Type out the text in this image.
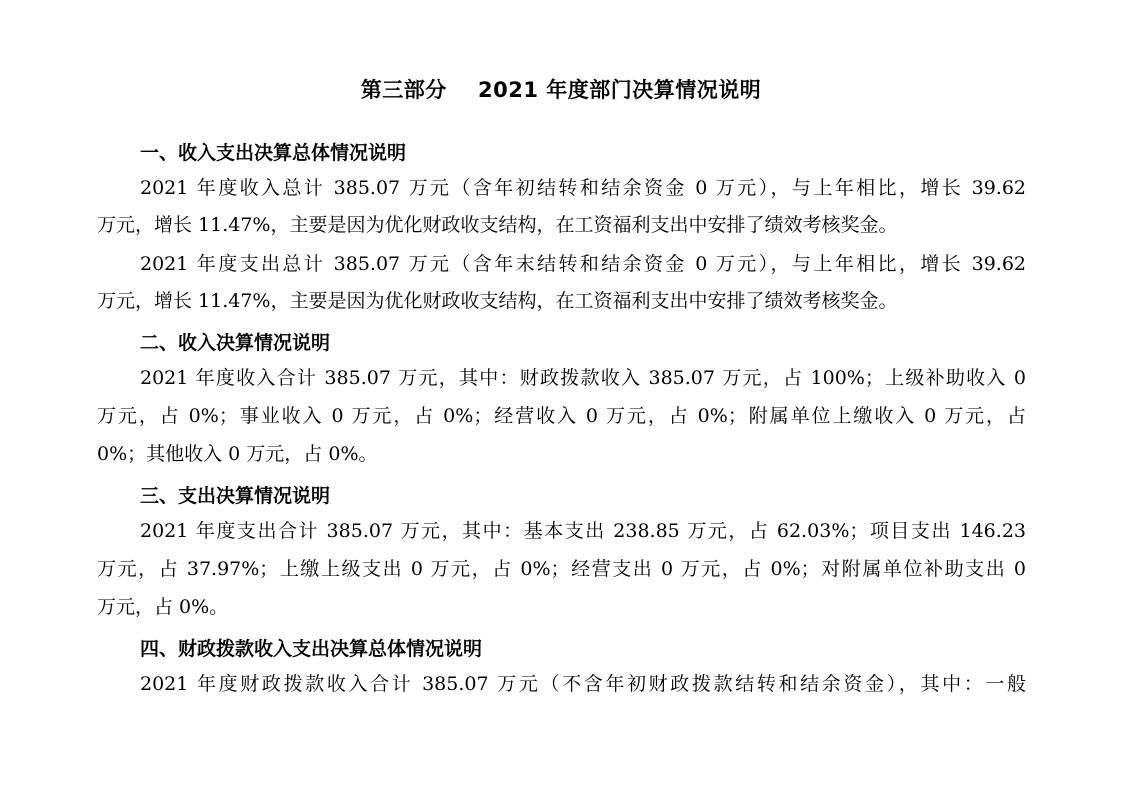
第三部分    2021 年度部门决算情况说明
一、收入支出决算总体情况说明
2021 年度收入总计 385.07 万元（含年初结转和结余资金 0 万元），与上年相比，增长 39.62
万元，增长 11.47%，主要是因为优化财政收支结构，在工资福利支出中安排了绩效考核奖金。
2021 年度支出总计 385.07 万元（含年末结转和结余资金 0 万元），与上年相比，增长 39.62
万元，增长 11.47%，主要是因为优化财政收支结构，在工资福利支出中安排了绩效考核奖金。
二、收入决算情况说明
2021 年度收入合计 385.07 万元，其中：财政拨款收入 385.07 万元，占 100%；上级补助收入 0
万元，占 0%；事业收入 0 万元，占 0%；经营收入 0 万元，占 0%；附属单位上缴收入 0 万元，占
0%；其他收入 0 万元，占 0%。
三、支出决算情况说明
2021 年度支出合计 385.07 万元，其中：基本支出 238.85 万元，占 62.03%；项目支出 146.23
万元，占 37.97%；上缴上级支出 0 万元，占 0%；经营支出 0 万元，占 0%；对附属单位补助支出 0
万元，占 0%。
四、财政拨款收入支出决算总体情况说明
2021 年度财政拨款收入合计 385.07 万元（不含年初财政拨款结转和结余资金），其中：一般
